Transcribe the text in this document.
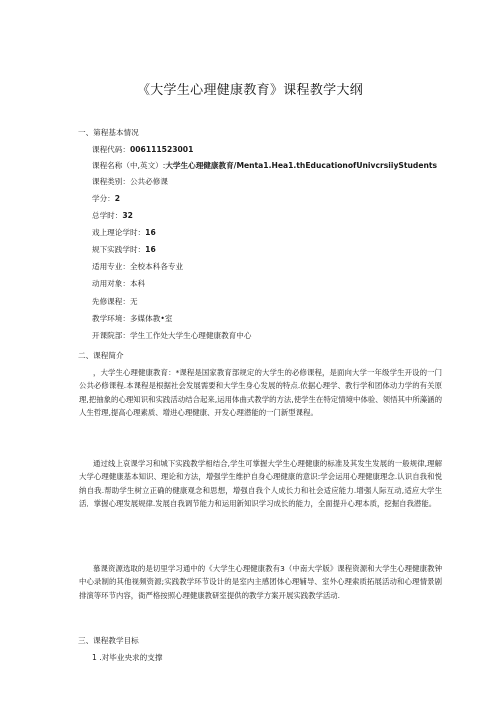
《大学生心理健康教育》课程教学大纲
一、第程基本情况
课程代码：006111523001
课程名称（中,英文）:大学生心理健康教育/Menta1.Hea1.thEducationofUnivcrsiiyStudents
课程类别：公共必修课
学分：2
总学时：32
戏上理论学时：16
规下实践学时：16
适用专业：全校本科各专业
动用对象：本科
先修课程：无
教学环境：多媒体教•室
开课院部：学生工作处大学生心理健康教育中心
二、课程简介
，大学生心理健康教育：*课程是国家教育部规定的大学生的必修课程，是面向大学一年级学生开设的一门公共必修课程.本课程是根据社会发展需要和大学生身心发展的特点.依据心理学、教行学和团体动力学的有关原理,把抽象的心理知识和实践活动结合起来,运用体曲式教学的方法,使学生在特定情境中体验、领悟其中所藻涵的人生哲理,提高心理素质、增进心理健康、开发心理潜能的一门新型课程。
通过线上哀课学习和城下实践教学相结合,学生可掌握大学生心理健康的标准及其发生发展的一般规律,理解大学心理健康基本知识、理论和方法，增强学生维护自身心理健康的意识:学会运用心理健康理念.认识自我和悦纳自我.帮助学生树立正确的健康观念和思想，增强自我个人成长力和社会适应能力.增强人际互动,适应大学生活．掌握心理发展规律.发展自我调节能力和运用新知识学习成长的能力，全面提升心理本质，挖掘自我潜能。
慕课资源选取的是切里学习通中的《大学生心理健康教有3（中南大学版》课程资源和大学生心理健康教钟中心录制的其他视频资源;实践教学环节设计的是室内主感团体心理辅导、室外心理索质拓展活动和心理情景剧排演等环节内容，衙严格按照心理健康教研室提供的教学方案开展实践教学活动.
三、课程教学目标
1 .对毕业央求的支撑
